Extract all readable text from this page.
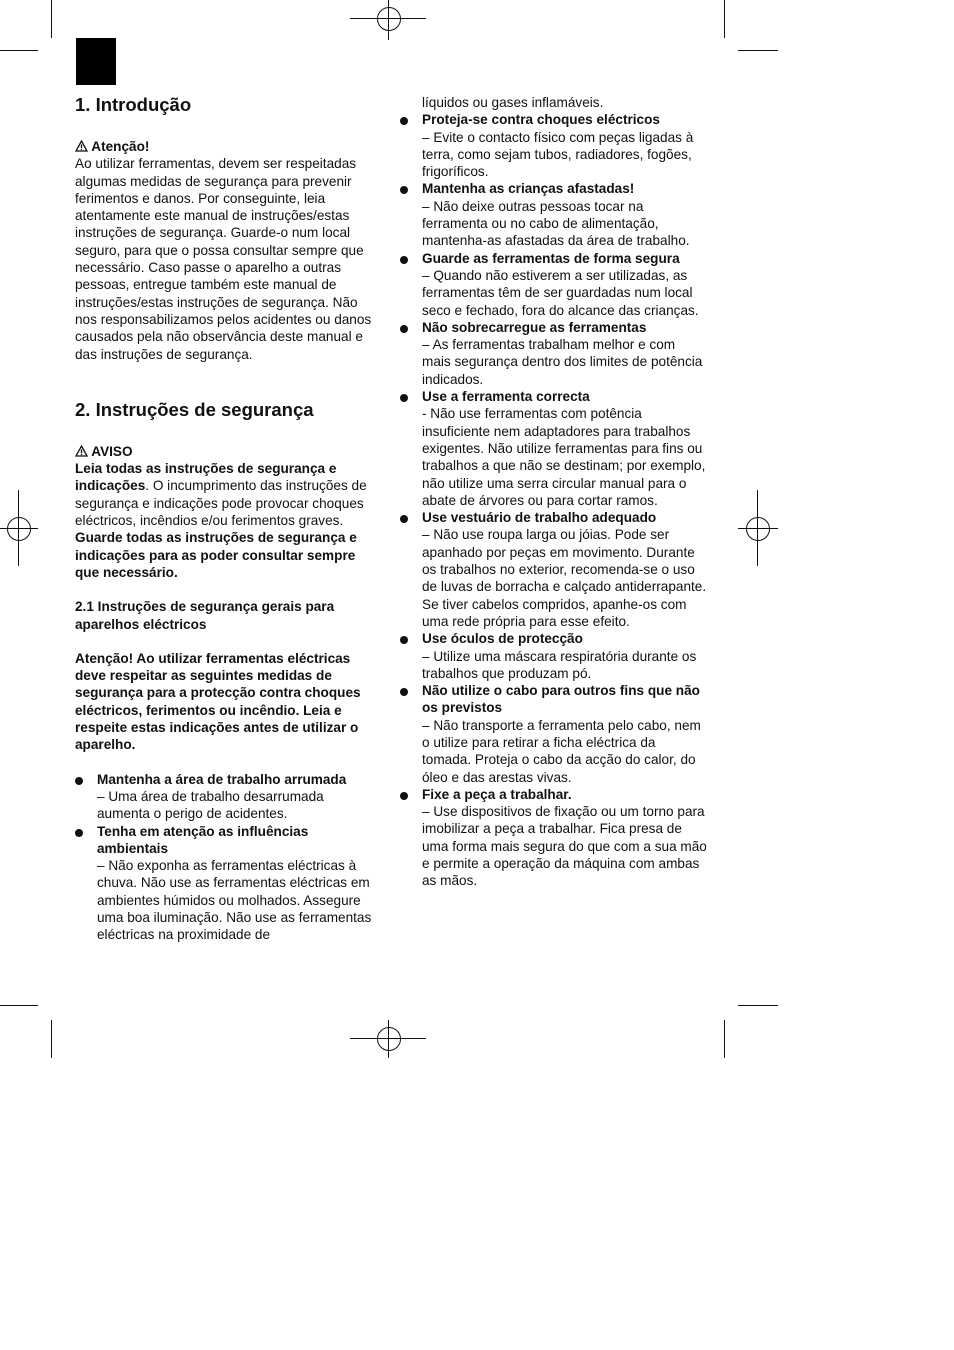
1. Introdução

Atenção!

Ao utilizar ferramentas, devem ser respeitadas algumas medidas de segurança para prevenir ferimentos e danos. Por conseguinte, leia atentamente este manual de instruções/estas instruções de segurança. Guarde-o num local seguro, para que o possa consultar sempre que necessário. Caso passe o aparelho a outras pessoas, entregue também este manual de instruções/estas instruções de segurança. Não nos responsabilizamos pelos acidentes ou danos causados pela não observância deste manual e das instruções de segurança.

2. Instruções de segurança

AVISO

Leia todas as instruções de segurança e indicações. O incumprimento das instruções de segurança e indicações pode provocar choques eléctricos, incêndios e/ou ferimentos graves.

Guarde todas as instruções de segurança e indicações para as poder consultar sempre que necessário.

2.1 Instruções de segurança gerais para aparelhos eléctricos

Atenção! Ao utilizar ferramentas eléctricas deve respeitar as seguintes medidas de segurança para a protecção contra choques eléctricos, ferimentos ou incêndio. Leia e respeite estas indicações antes de utilizar o aparelho.

Mantenha a área de trabalho arrumada

– Uma área de trabalho desarrumada aumenta o perigo de acidentes.

Tenha em atenção as influências ambientais

– Não exponha as ferramentas eléctricas à chuva. Não use as ferramentas eléctricas em ambientes húmidos ou molhados. Assegure uma boa iluminação. Não use as ferramentas eléctricas na proximidade de

líquidos ou gases inflamáveis.

Proteja-se contra choques eléctricos

– Evite o contacto físico com peças ligadas à terra, como sejam tubos, radiadores, fogões, frigoríficos.

Mantenha as crianças afastadas!

– Não deixe outras pessoas tocar na ferramenta ou no cabo de alimentação, mantenha-as afastadas da área de trabalho.

Guarde as ferramentas de forma segura

– Quando não estiverem a ser utilizadas, as ferramentas têm de ser guardadas num local seco e fechado, fora do alcance das crianças.

Não sobrecarregue as ferramentas

– As ferramentas trabalham melhor e com mais segurança dentro dos limites de potência indicados.

Use a ferramenta correcta

- Não use ferramentas com potência insuficiente nem adaptadores para trabalhos exigentes. Não utilize ferramentas para fins ou trabalhos a que não se destinam; por exemplo, não utilize uma serra circular manual para o abate de árvores ou para cortar ramos.

Use vestuário de trabalho adequado

– Não use roupa larga ou jóias. Pode ser apanhado por peças em movimento. Durante os trabalhos no exterior, recomenda-se o uso de luvas de borracha e calçado antiderrapante. Se tiver cabelos compridos, apanhe-os com uma rede própria para esse efeito.

Use óculos de protecção

– Utilize uma máscara respiratória durante os trabalhos que produzam pó.

Não utilize o cabo para outros fins que não os previstos

– Não transporte a ferramenta pelo cabo, nem o utilize para retirar a ficha eléctrica da tomada. Proteja o cabo da acção do calor, do óleo e das arestas vivas.

Fixe a peça a trabalhar.

– Use dispositivos de fixação ou um torno para imobilizar a peça a trabalhar. Fica presa de uma forma mais segura do que com a sua mão e permite a operação da máquina com ambas as mãos.
